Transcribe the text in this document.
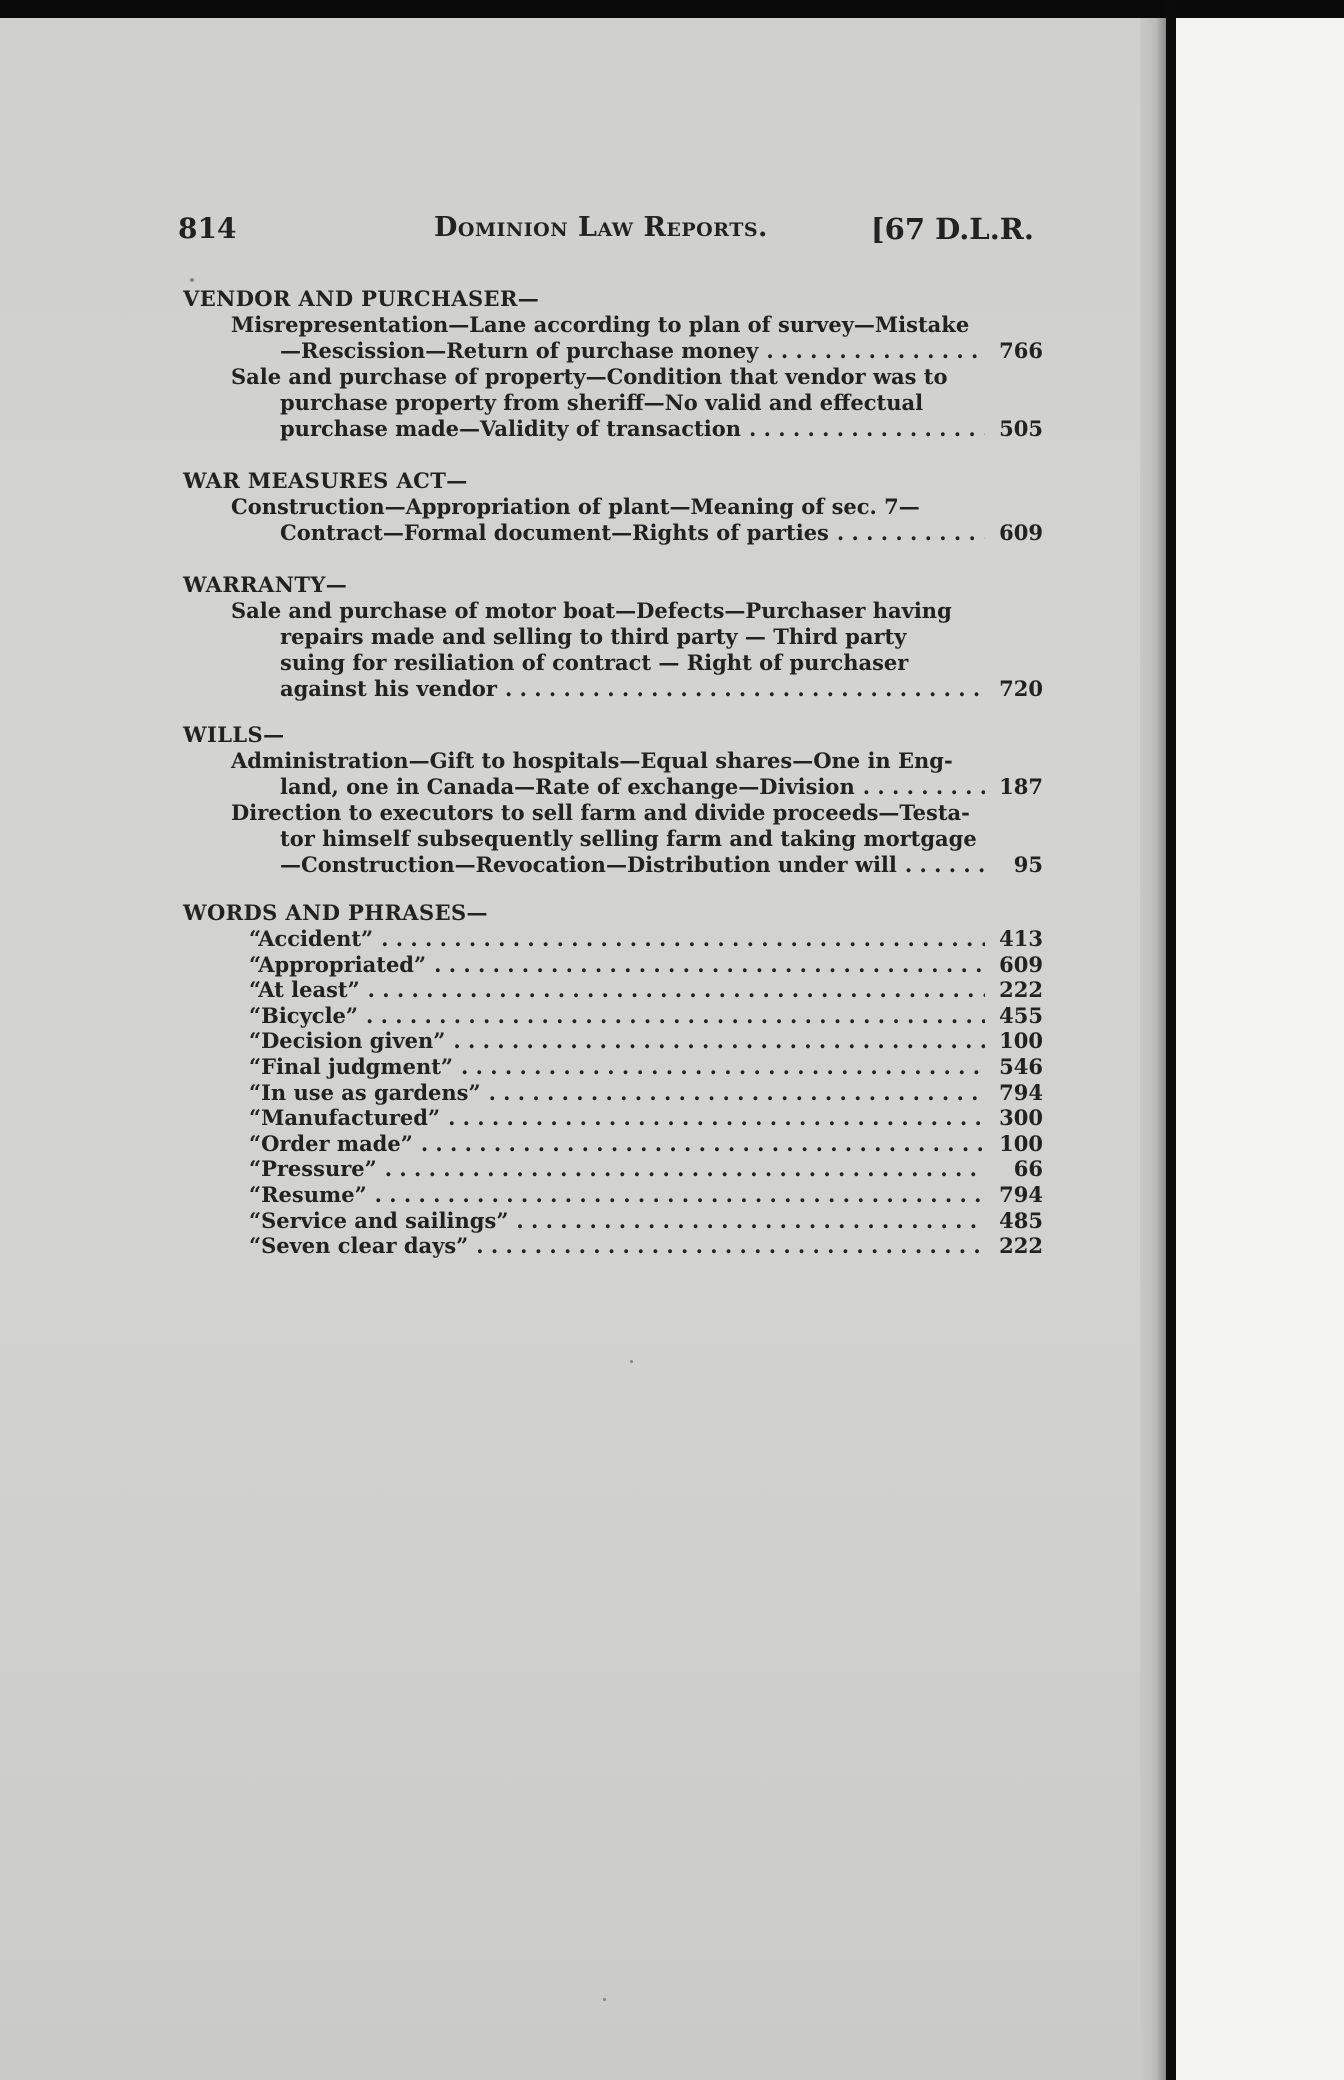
814	Dominion Law Reports.	[67 D.L.R.

VENDOR AND PURCHASER—

Misrepresentation—Lane according to plan of survey—Mistake
—Rescission—Return of purchase money . . .	766
Sale and purchase of property—Condition that vendor was to
purchase property from sheriff—No valid and effectual
purchase made—Validity of transaction . . .	505

WAR MEASURES ACT—

Construction—Appropriation of plant—Meaning of sec. 7—
Contract—Formal document—Rights of parties . . .	609

WARRANTY—

Sale and purchase of motor boat—Defects—Purchaser having
repairs made and selling to third party — Third party
suing for resiliation of contract — Right of purchaser
against his vendor . . .	720

WILLS—

Administration—Gift to hospitals—Equal shares—One in Eng-
land, one in Canada—Rate of exchange—Division . . .	187
Direction to executors to sell farm and divide proceeds—Testa-
tor himself subsequently selling farm and taking mortgage
—Construction—Revocation—Distribution under will . . .	95

WORDS AND PHRASES—

“Accident” . . .	413
“Appropriated” . . .	609
“At least” . . .	222
“Bicycle” . . .	455
“Decision given” . . .	100
“Final judgment” . . .	546
“In use as gardens” . . .	794
“Manufactured” . . .	300
“Order made” . . .	100
“Pressure” . . .	66
“Resume” . . .	794
“Service and sailings” . . .	485
“Seven clear days” . . .	222
